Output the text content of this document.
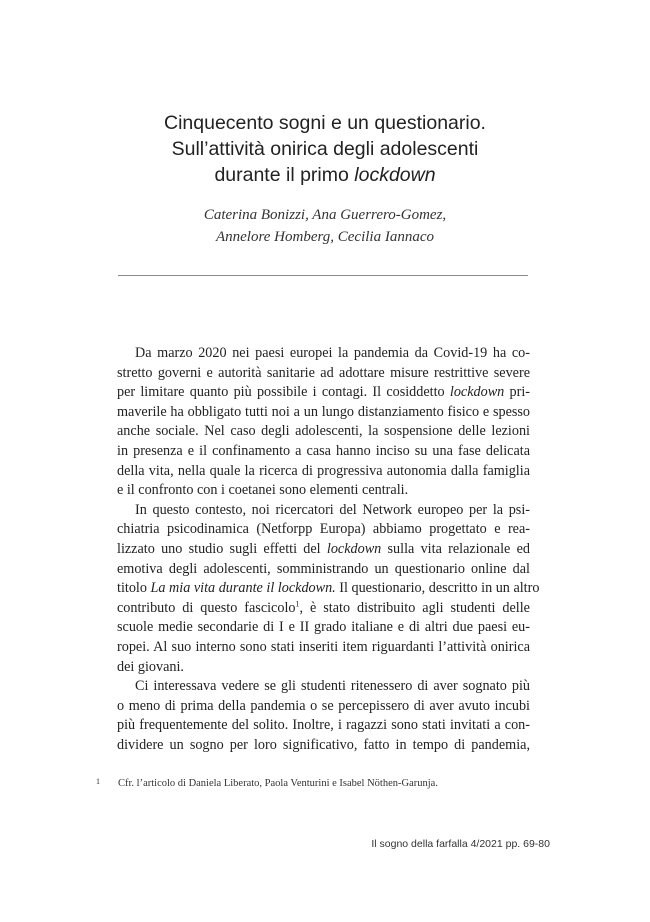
Cinquecento sogni e un questionario.
Sull’attività onirica degli adolescenti
durante il primo lockdown
Caterina Bonizzi, Ana Guerrero-Gomez,
Annelore Homberg, Cecilia Iannaco
Da marzo 2020 nei paesi europei la pandemia da Covid-19 ha co-
stretto governi e autorità sanitarie ad adottare misure restrittive severe
per limitare quanto più possibile i contagi. Il cosiddetto lockdown pri-
maverile ha obbligato tutti noi a un lungo distanziamento fisico e spesso
anche sociale. Nel caso degli adolescenti, la sospensione delle lezioni
in presenza e il confinamento a casa hanno inciso su una fase delicata
della vita, nella quale la ricerca di progressiva autonomia dalla famiglia
e il confronto con i coetanei sono elementi centrali.
In questo contesto, noi ricercatori del Network europeo per la psi-
chiatria psicodinamica (Netforpp Europa) abbiamo progettato e rea-
lizzato uno studio sugli effetti del lockdown sulla vita relazionale ed
emotiva degli adolescenti, somministrando un questionario online dal
titolo La mia vita durante il lockdown. Il questionario, descritto in un altro
contributo di questo fascicolo$^1$, è stato distribuito agli studenti delle
scuole medie secondarie di I e II grado italiane e di altri due paesi eu-
ropei. Al suo interno sono stati inseriti item riguardanti l’attività onirica
dei giovani.
Ci interessava vedere se gli studenti ritenessero di aver sognato più
o meno di prima della pandemia o se percepissero di aver avuto incubi
più frequentemente del solito. Inoltre, i ragazzi sono stati invitati a con-
dividere un sogno per loro significativo, fatto in tempo di pandemia,
1 Cfr. l’articolo di Daniela Liberato, Paola Venturini e Isabel Nöthen-Garunja.
Il sogno della farfalla 4/2021 pp. 69-80
